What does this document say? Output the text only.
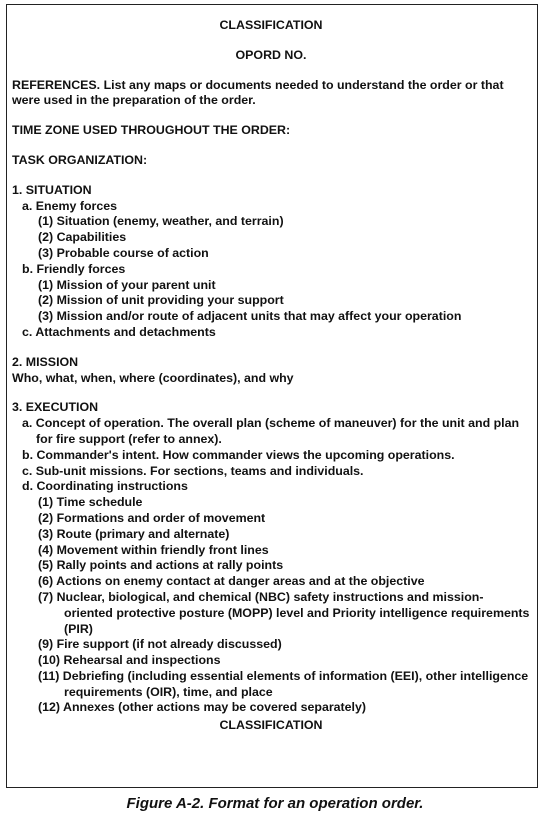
CLASSIFICATION
OPORD NO.
REFERENCES. List any maps or documents needed to understand the order or that were used in the preparation of the order.
TIME ZONE USED THROUGHOUT THE ORDER:
TASK ORGANIZATION:
1. SITUATION
a. Enemy forces
(1) Situation (enemy, weather, and terrain)
(2) Capabilities
(3) Probable course of action
b. Friendly forces
(1) Mission of your parent unit
(2) Mission of unit providing your support
(3) Mission and/or route of adjacent units that may affect your operation
c. Attachments and detachments
2. MISSION
Who, what, when, where (coordinates), and why
3. EXECUTION
a. Concept of operation. The overall plan (scheme of maneuver) for the unit and plan for fire support (refer to annex).
b. Commander's intent. How commander views the upcoming operations.
c. Sub-unit missions. For sections, teams and individuals.
d. Coordinating instructions
(1) Time schedule
(2) Formations and order of movement
(3) Route (primary and alternate)
(4) Movement within friendly front lines
(5) Rally points and actions at rally points
(6) Actions on enemy contact at danger areas and at the objective
(7) Nuclear, biological, and chemical (NBC) safety instructions and mission-oriented protective posture (MOPP) level and Priority intelligence requirements (PIR)
(9) Fire support (if not already discussed)
(10) Rehearsal and inspections
(11) Debriefing (including essential elements of information (EEI), other intelligence requirements (OIR), time, and place
(12) Annexes (other actions may be covered separately)
CLASSIFICATION
Figure A-2. Format for an operation order.
